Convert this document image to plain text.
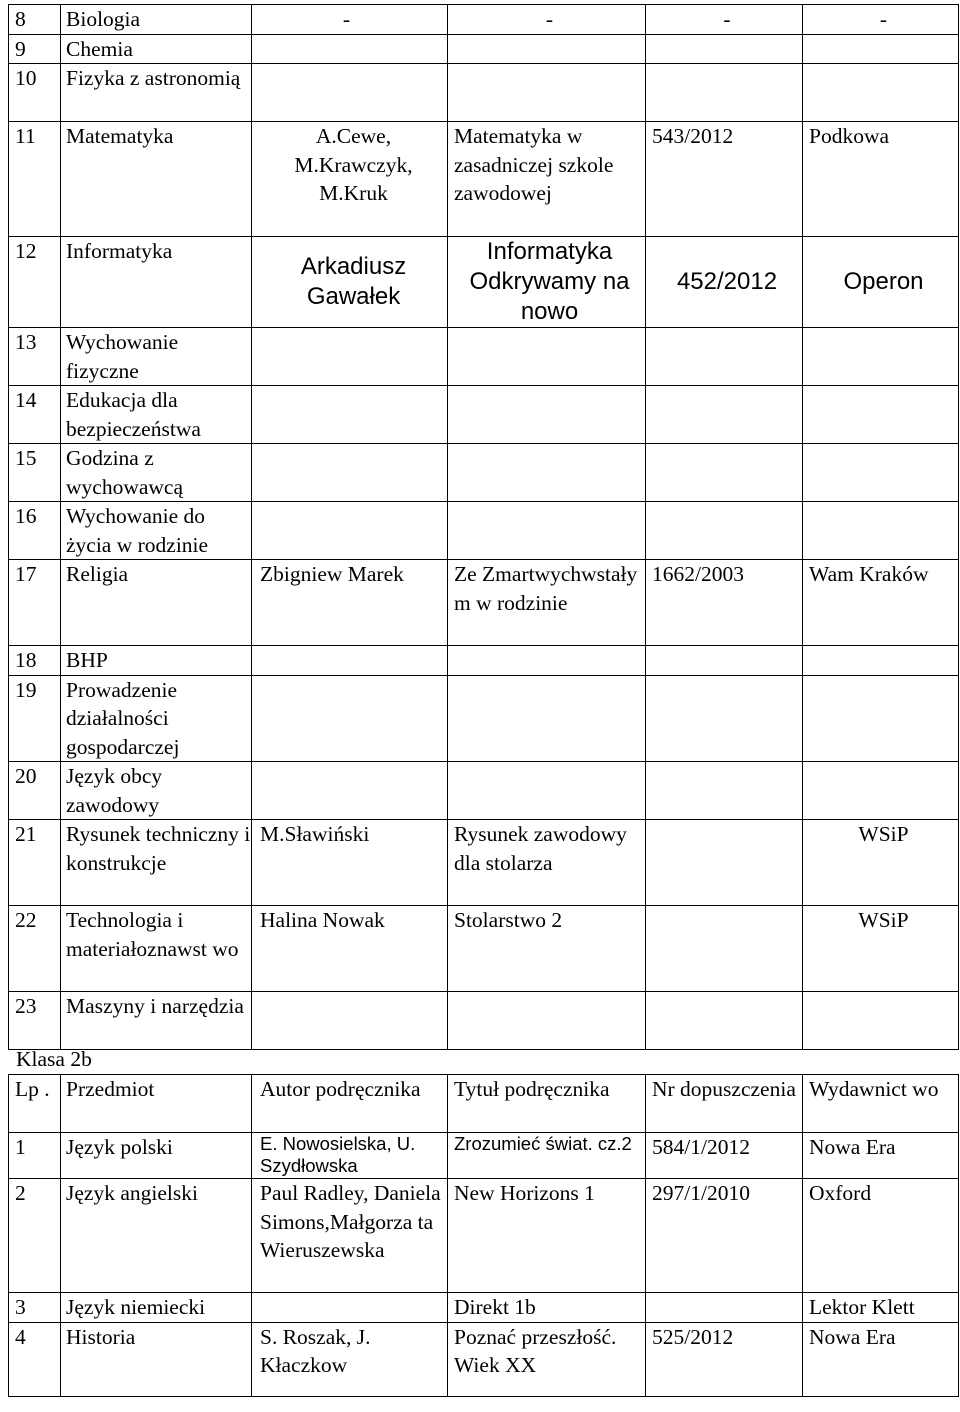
8	Biologia	-	-	-	-
9	Chemia				
10	Fizyka z astronomią				
11	Matematyka	A.Cewe, M.Krawczyk, M.Kruk	Matematyka w zasadniczej szkole zawodowej	543/2012	Podkowa
12	Informatyka	Arkadiusz Gawałek	Informatyka Odkrywamy na nowo	452/2012	Operon
13	Wychowanie fizyczne				
14	Edukacja dla bezpieczeństwa				
15	Godzina z wychowawcą				
16	Wychowanie do życia w rodzinie				
17	Religia	Zbigniew Marek	Ze Zmartwychwstały m w rodzinie	1662/2003	Wam Kraków
18	BHP				
19	Prowadzenie działalności gospodarczej				
20	Język obcy zawodowy				
21	Rysunek techniczny i konstrukcje	M.Sławiński	Rysunek zawodowy dla stolarza		WSiP
22	Technologia i materiałoznawst wo	Halina Nowak	Stolarstwo 2		WSiP
23	Maszyny i narzędzia				
Klasa 2b
Lp .	Przedmiot	Autor podręcznika	Tytuł podręcznika	Nr dopuszczenia	Wydawnict wo
1	Język polski	E. Nowosielska, U. Szydłowska	Zrozumieć świat. cz.2	584/1/2012	Nowa Era
2	Język angielski	Paul Radley, Daniela Simons,Małgorza ta Wieruszewska	New Horizons 1	297/1/2010	Oxford
3	Język niemiecki		Direkt 1b		Lektor Klett
4	Historia	S. Roszak, J. Kłaczkow	Poznać przeszłość. Wiek XX	525/2012	Nowa Era
